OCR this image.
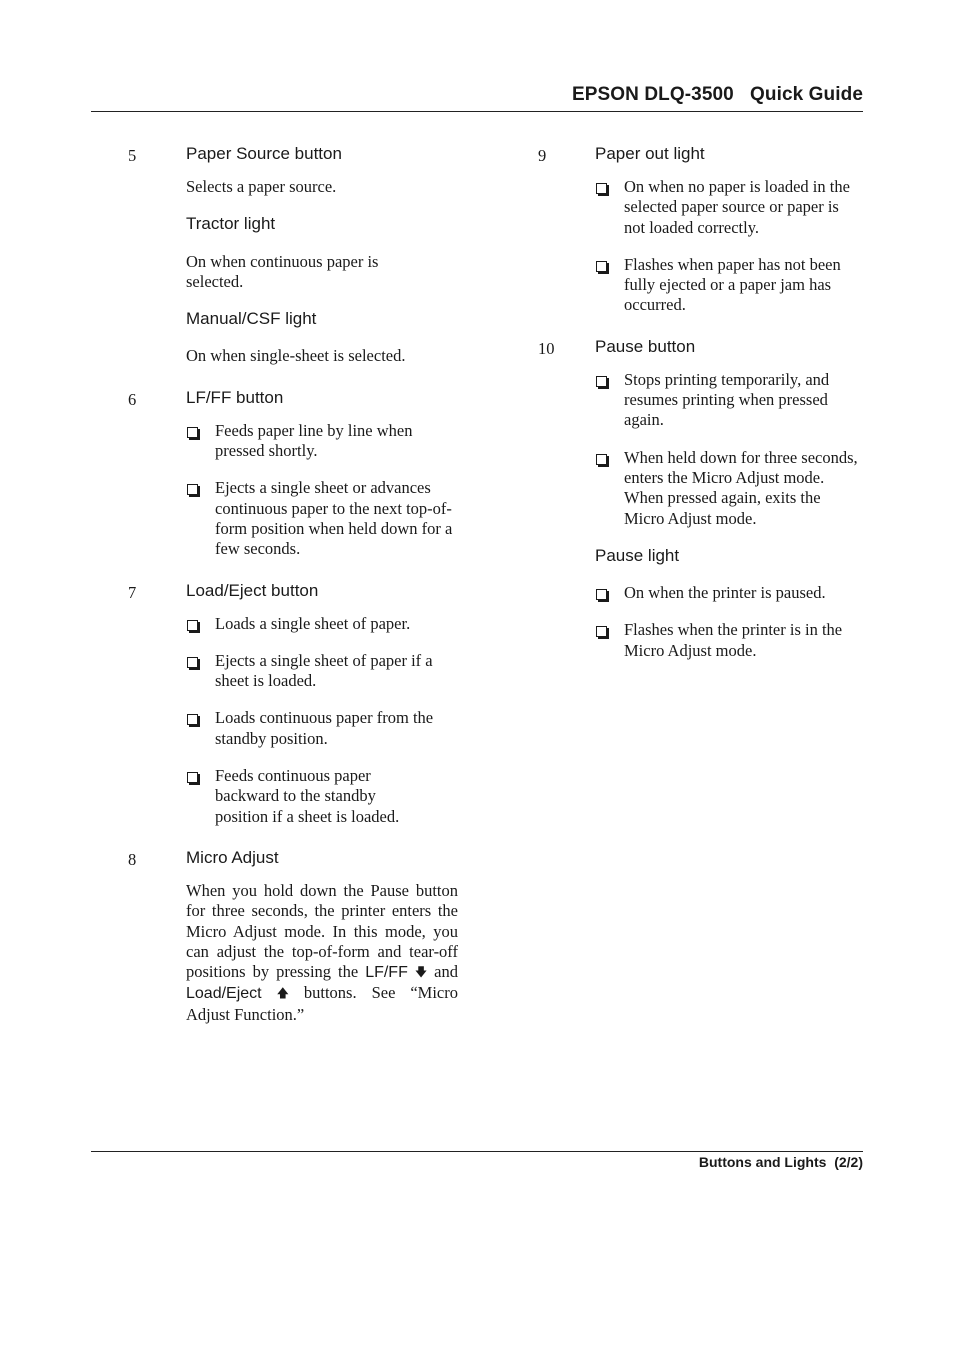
EPSON DLQ-3500   Quick Guide
5	Paper Source button

Selects a paper source.

Tractor light

On when continuous paper is selected.

Manual/CSF light

On when single-sheet is selected.

6	LF/FF button
Feeds paper line by line when pressed shortly.
Ejects a single sheet or advances continuous paper to the next top-of-form position when held down for a few seconds.
7	Load/Eject button
Loads a single sheet of paper.
Ejects a single sheet of paper if a sheet is loaded.
Loads continuous paper from the standby position.
Feeds continuous paper backward to the standby position if a sheet is loaded.
8	Micro Adjust

When you hold down the Pause button for three seconds, the printer enters the Micro Adjust mode. In this mode, you can adjust the top-of-form and tear-off positions by pressing the LF/FF 🡇 and Load/Eject 🡅 buttons. See “Micro Adjust Function.”

9	Paper out light
On when no paper is loaded in the selected paper source or paper is not loaded correctly.
Flashes when paper has not been fully ejected or a paper jam has occurred.
10 Pause button
Stops printing temporarily, and resumes printing when pressed again.
When held down for three seconds, enters the Micro Adjust mode. When pressed again, exits the Micro Adjust mode.
Pause light
On when the printer is paused.
Flashes when the printer is in the Micro Adjust mode.
Buttons and Lights  (2/2)
